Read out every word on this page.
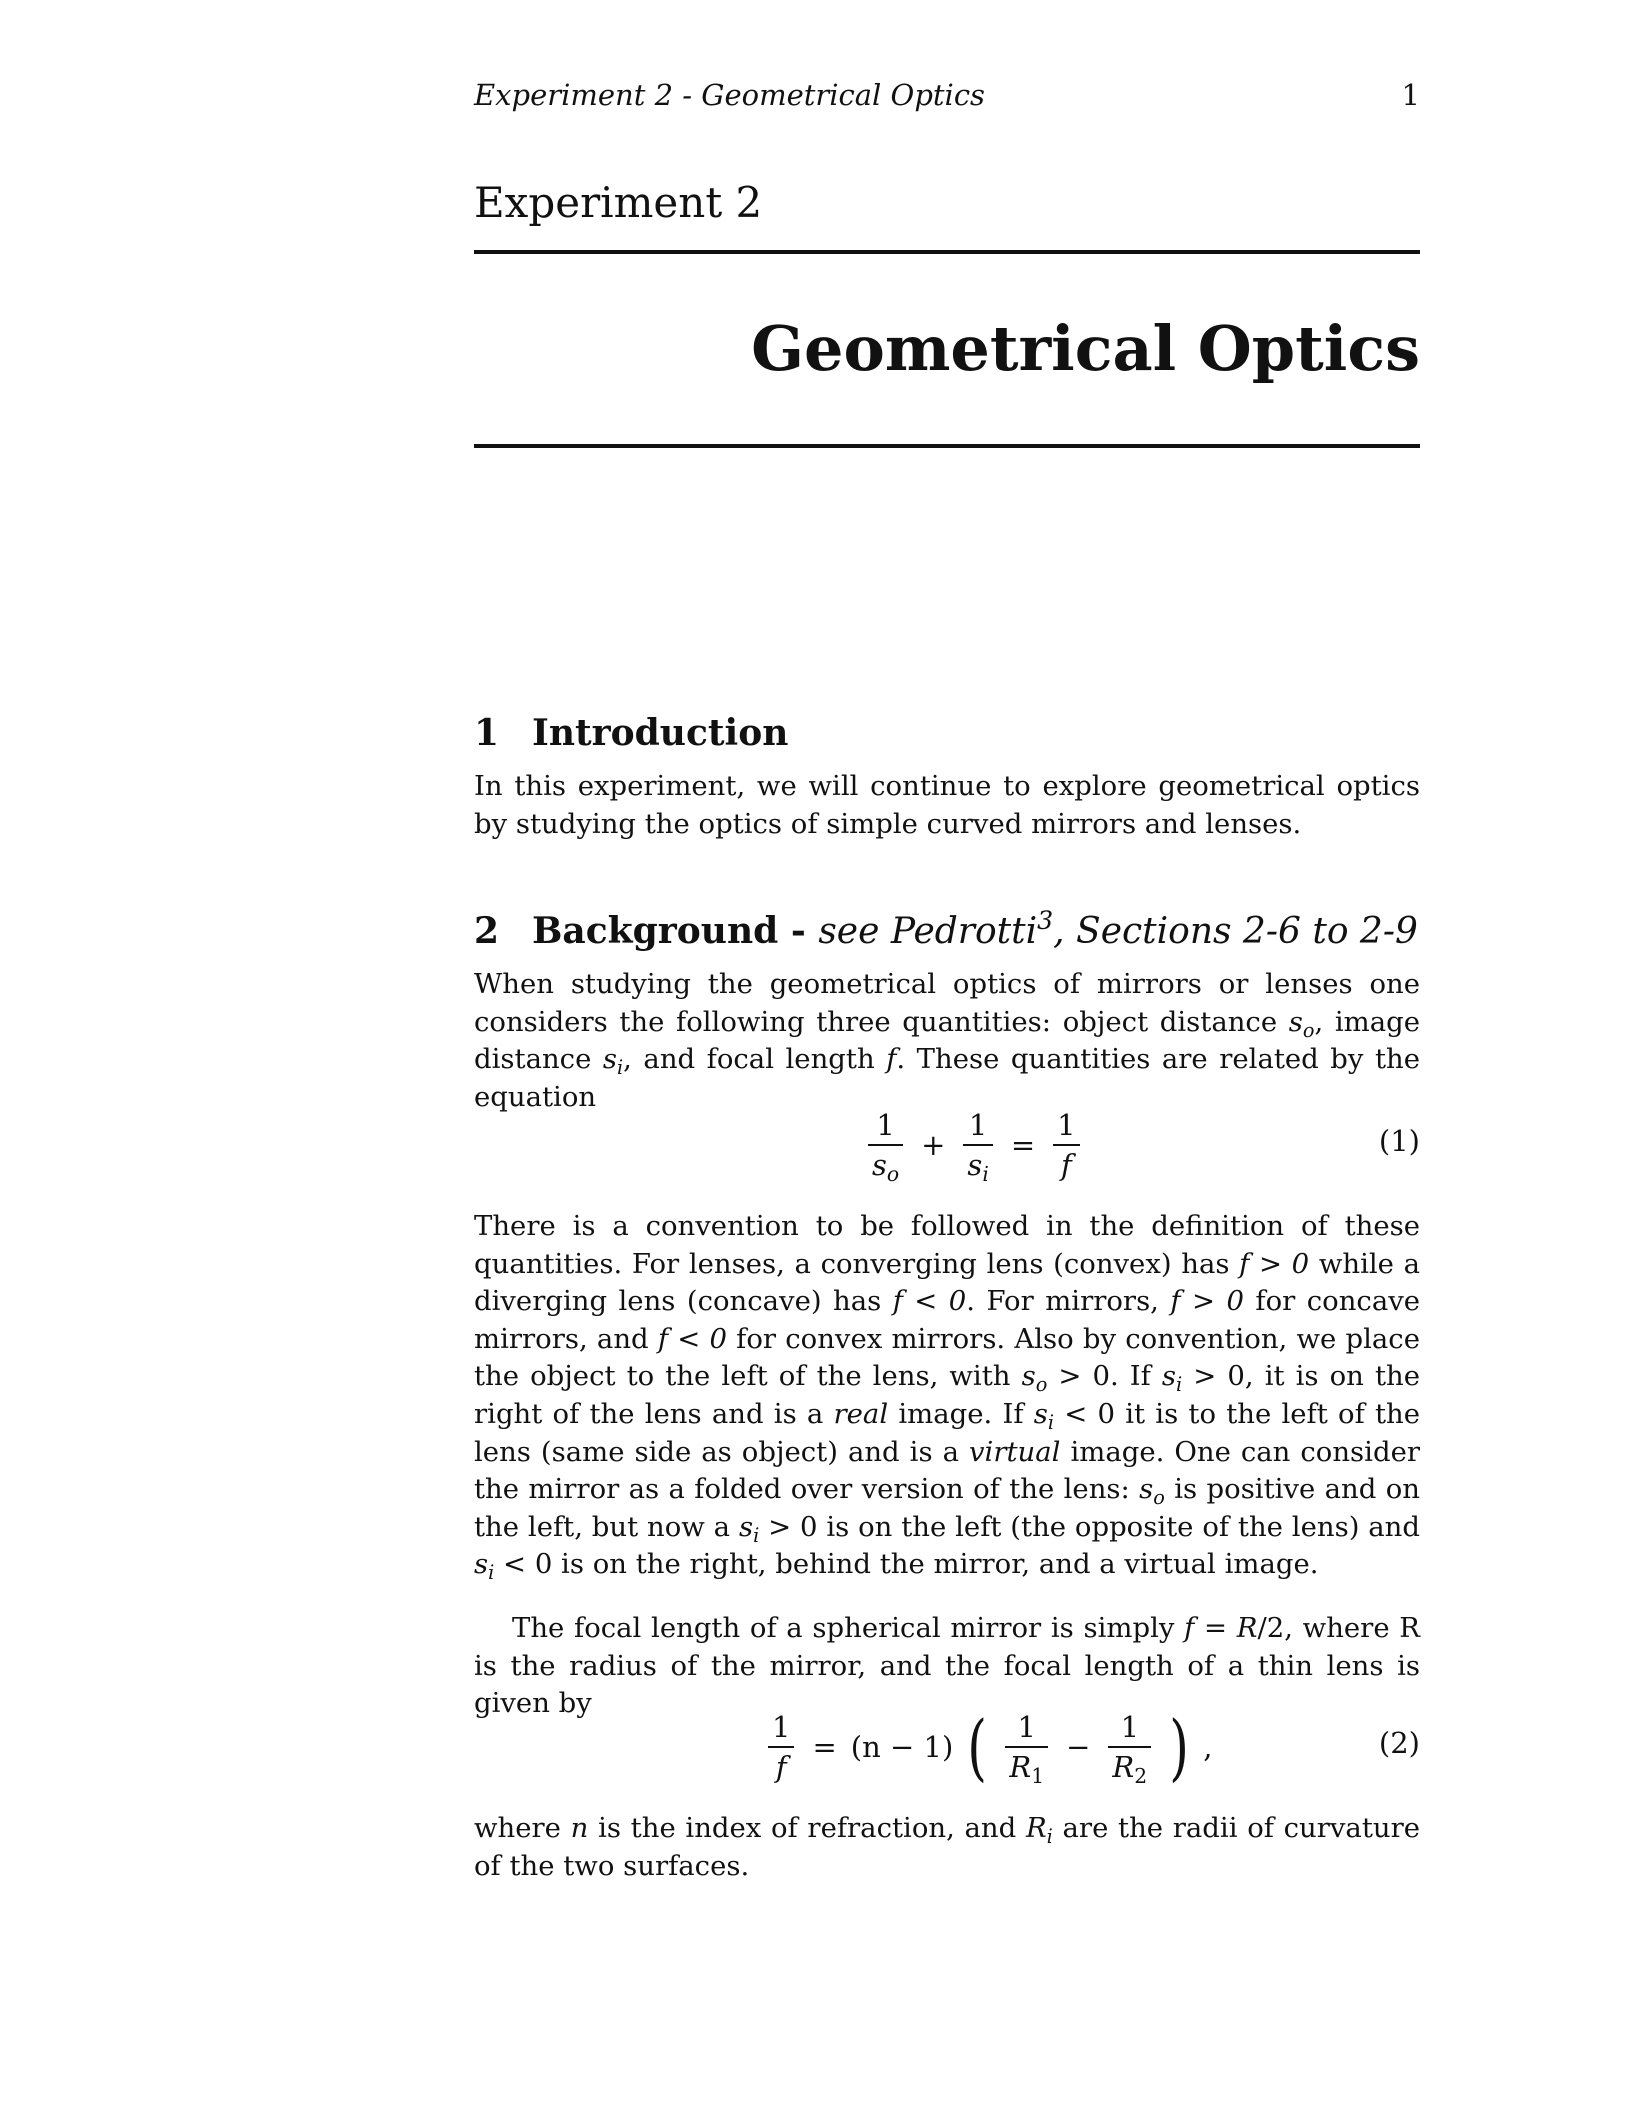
Experiment 2 - Geometrical Optics	1
Experiment 2
Geometrical Optics
1 Introduction

In this experiment, we will continue to explore geometrical optics by studying the optics of simple curved mirrors and lenses.

2 Background - see Pedrotti$^3$, Sections 2-6 to 2-9

When studying the geometrical optics of mirrors or lenses one considers the following three quantities: object distance $s_o$, image distance $s_i$, and focal length f. These quantities are related by the equation

$\frac{1}{s_o} + \frac{1}{s_i} = \frac{1}{f}$	(1)

There is a convention to be followed in the definition of these quantities. For lenses, a converging lens (convex) has f > 0 while a diverging lens (concave) has f < 0. For mirrors, f > 0 for concave mirrors, and f < 0 for convex mirrors. Also by convention, we place the object to the left of the lens, with $s_o > 0$. If $s_i > 0$, it is on the right of the lens and is a real image. If $s_i < 0$ it is to the left of the lens (same side as object) and is a virtual image. One can consider the mirror as a folded over version of the lens: $s_o$ is positive and on the left, but now a $s_i > 0$ is on the left (the opposite of the lens) and $s_i < 0$ is on the right, behind the mirror, and a virtual image.

The focal length of a spherical mirror is simply f = R/2, where R is the radius of the mirror, and the focal length of a thin lens is given by

$\frac{1}{f} = (n - 1)$ ( $\frac{1}{R_1} - \frac{1}{R_2}$ ) ,	(2)

where n is the index of refraction, and $R_i$ are the radii of curvature of the two surfaces.
